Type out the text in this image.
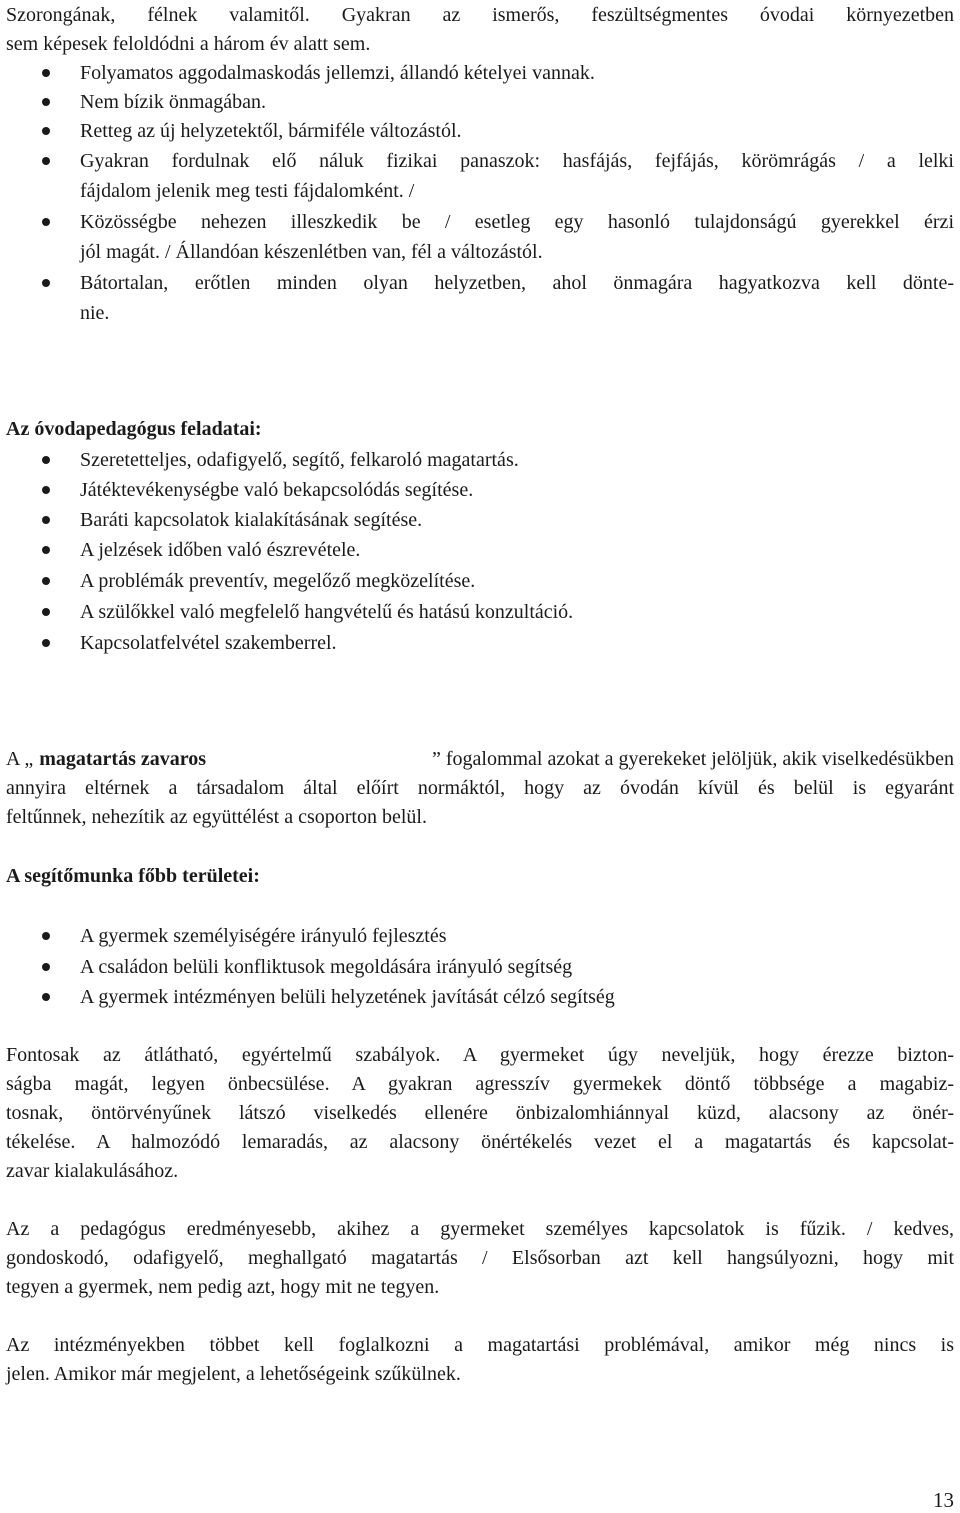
Szorongának, félnek valamitől. Gyakran az ismerős, feszültségmentes óvodai környezetben
sem képesek feloldódni a három év alatt sem.
Folyamatos aggodalmaskodás jellemzi, állandó kételyei vannak.
Nem bízik önmagában.
Retteg az új helyzetektől, bármiféle változástól.
Gyakran fordulnak elő náluk fizikai panaszok: hasfájás, fejfájás, körömrágás / a lelki
fájdalom jelenik meg testi fájdalomként. /
Közösségbe nehezen illeszkedik be / esetleg egy hasonló tulajdonságú gyerekkel érzi
jól magát. / Állandóan készenlétben van, fél a változástól.
Bátortalan, erőtlen minden olyan helyzetben, ahol önmagára hagyatkozva kell dönte-
nie.
Az óvodapedagógus feladatai:
Szeretetteljes, odafigyelő, segítő, felkaroló magatartás.
Játéktevékenységbe való bekapcsolódás segítése.
Baráti kapcsolatok kialakításának segítése.
A jelzések időben való észrevétele.
A problémák preventív, megelőző megközelítése.
A szülőkkel való megfelelő hangvételű és hatású konzultáció.
Kapcsolatfelvétel szakemberrel.
A „ magatartás zavaros	” fogalommal azokat a gyerekeket jelöljük, akik viselkedésükben
annyira eltérnek a társadalom által előírt normáktól, hogy az óvodán kívül és belül is egyaránt
feltűnnek, nehezítik az együttélést a csoporton belül.
A segítőmunka főbb területei:
A gyermek személyiségére irányuló fejlesztés
A családon belüli konfliktusok megoldására irányuló segítség
A gyermek intézményen belüli helyzetének javítását célzó segítség
Fontosak az átlátható, egyértelmű szabályok. A gyermeket úgy neveljük, hogy érezze bizton-
ságba magát, legyen önbecsülése. A gyakran agresszív gyermekek döntő többsége a magabiz-
tosnak, öntörvényűnek látszó viselkedés ellenére önbizalomhiánnyal küzd, alacsony az önér-
tékelése. A halmozódó lemaradás, az alacsony önértékelés vezet el a magatartás és kapcsolat-
zavar kialakulásához.
Az a pedagógus eredményesebb, akihez a gyermeket személyes kapcsolatok is fűzik. / kedves,
gondoskodó, odafigyelő, meghallgató magatartás / Elsősorban azt kell hangsúlyozni, hogy mit
tegyen a gyermek, nem pedig azt, hogy mit ne tegyen.
Az intézményekben többet kell foglalkozni a magatartási problémával, amikor még nincs is
jelen. Amikor már megjelent, a lehetőségeink szűkülnek.
13
